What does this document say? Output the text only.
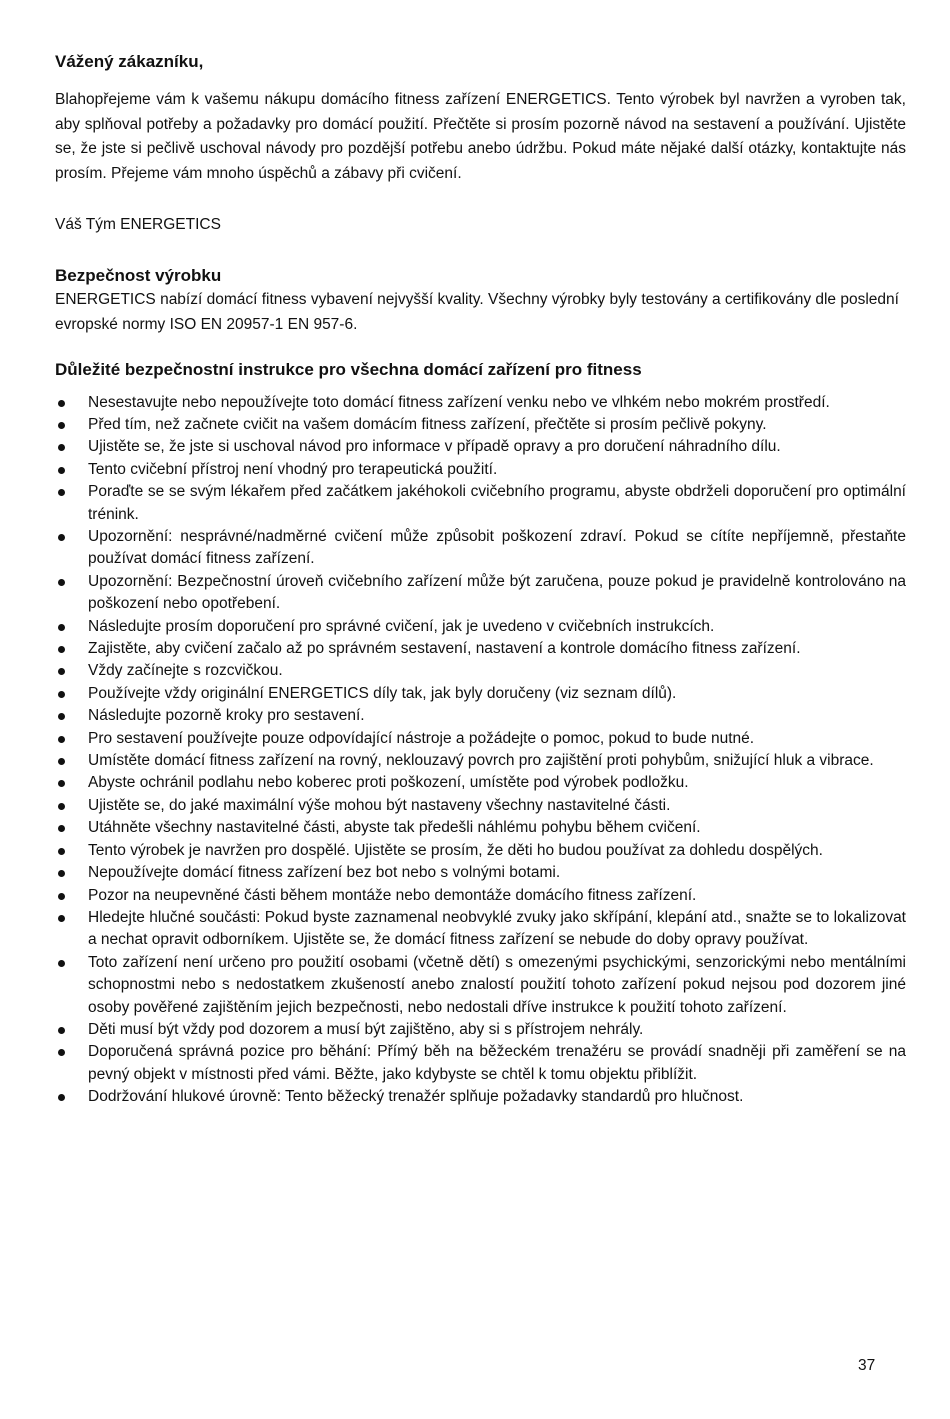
Vážený zákazníku,

Blahopřejeme vám k vašemu nákupu domácího fitness zařízení ENERGETICS. Tento výrobek byl navržen a vyroben tak, aby splňoval potřeby a požadavky pro domácí použití. Přečtěte si prosím pozorně návod na sestavení a používání. Ujistěte se, že jste si pečlivě uschoval návody pro pozdější potřebu anebo údržbu. Pokud máte nějaké další otázky, kontaktujte nás prosím. Přejeme vám mnoho úspěchů a zábavy při cvičení.

Váš Tým ENERGETICS

Bezpečnost výrobku

ENERGETICS nabízí domácí fitness vybavení nejvyšší kvality. Všechny výrobky byly testovány a certifikovány dle poslední evropské normy ISO EN 20957-1 EN 957-6.

Důležité bezpečnostní instrukce pro všechna domácí zařízení pro fitness

Nesestavujte nebo nepoužívejte toto domácí fitness zařízení venku nebo ve vlhkém nebo mokrém prostředí.
Před tím, než začnete cvičit na vašem domácím fitness zařízení, přečtěte si prosím pečlivě pokyny.
Ujistěte se, že jste si uschoval návod pro informace v případě opravy a pro doručení náhradního dílu.
Tento cvičební přístroj není vhodný pro terapeutická použití.
Poraďte se se svým lékařem před začátkem jakéhokoli cvičebního programu, abyste obdrželi doporučení pro optimální trénink.
Upozornění: nesprávné/nadměrné cvičení může způsobit poškození zdraví. Pokud se cítíte nepříjemně, přestaňte používat domácí fitness zařízení.
Upozornění: Bezpečnostní úroveň cvičebního zařízení může být zaručena, pouze pokud je pravidelně kontrolováno na poškození nebo opotřebení.
Následujte prosím doporučení pro správné cvičení, jak je uvedeno v cvičebních instrukcích.
Zajistěte, aby cvičení začalo až po správném sestavení, nastavení a kontrole domácího fitness zařízení.
Vždy začínejte s rozcvičkou.
Používejte vždy originální ENERGETICS díly tak, jak byly doručeny (viz seznam dílů).
Následujte pozorně kroky pro sestavení.
Pro sestavení používejte pouze odpovídající nástroje a požádejte o pomoc, pokud to bude nutné.
Umístěte domácí fitness zařízení na rovný, neklouzavý povrch pro zajištění proti pohybům, snižující hluk a vibrace.
Abyste ochránil podlahu nebo koberec proti poškození, umístěte pod výrobek podložku.
Ujistěte se, do jaké maximální výše mohou být nastaveny všechny nastavitelné části.
Utáhněte všechny nastavitelné části, abyste tak předešli náhlému pohybu během cvičení.
Tento výrobek je navržen pro dospělé. Ujistěte se prosím, že děti ho budou používat za dohledu dospělých.
Nepoužívejte domácí fitness zařízení bez bot nebo s volnými botami.
Pozor na neupevněné části během montáže nebo demontáže domácího fitness zařízení.
Hledejte hlučné součásti: Pokud byste zaznamenal neobvyklé zvuky jako skřípání, klepání atd., snažte se to lokalizovat a nechat opravit odborníkem. Ujistěte se, že domácí fitness zařízení se nebude do doby opravy používat.
Toto zařízení není určeno pro použití osobami (včetně dětí) s omezenými psychickými, senzorickými nebo mentálními schopnostmi nebo s nedostatkem zkušeností anebo znalostí použití tohoto zařízení pokud nejsou pod dozorem jiné osoby pověřené zajištěním jejich bezpečnosti, nebo nedostali dříve instrukce k použití tohoto zařízení.
Děti musí být vždy pod dozorem a musí být zajištěno, aby si s přístrojem nehrály.
Doporučená správná pozice pro běhání: Přímý běh na běžeckém trenažéru se provádí snadněji při zaměření se na pevný objekt v místnosti před vámi. Běžte, jako kdybyste se chtěl k tomu objektu přiblížit.
Dodržování hlukové úrovně: Tento běžecký trenažér splňuje požadavky standardů pro hlučnost.
37
